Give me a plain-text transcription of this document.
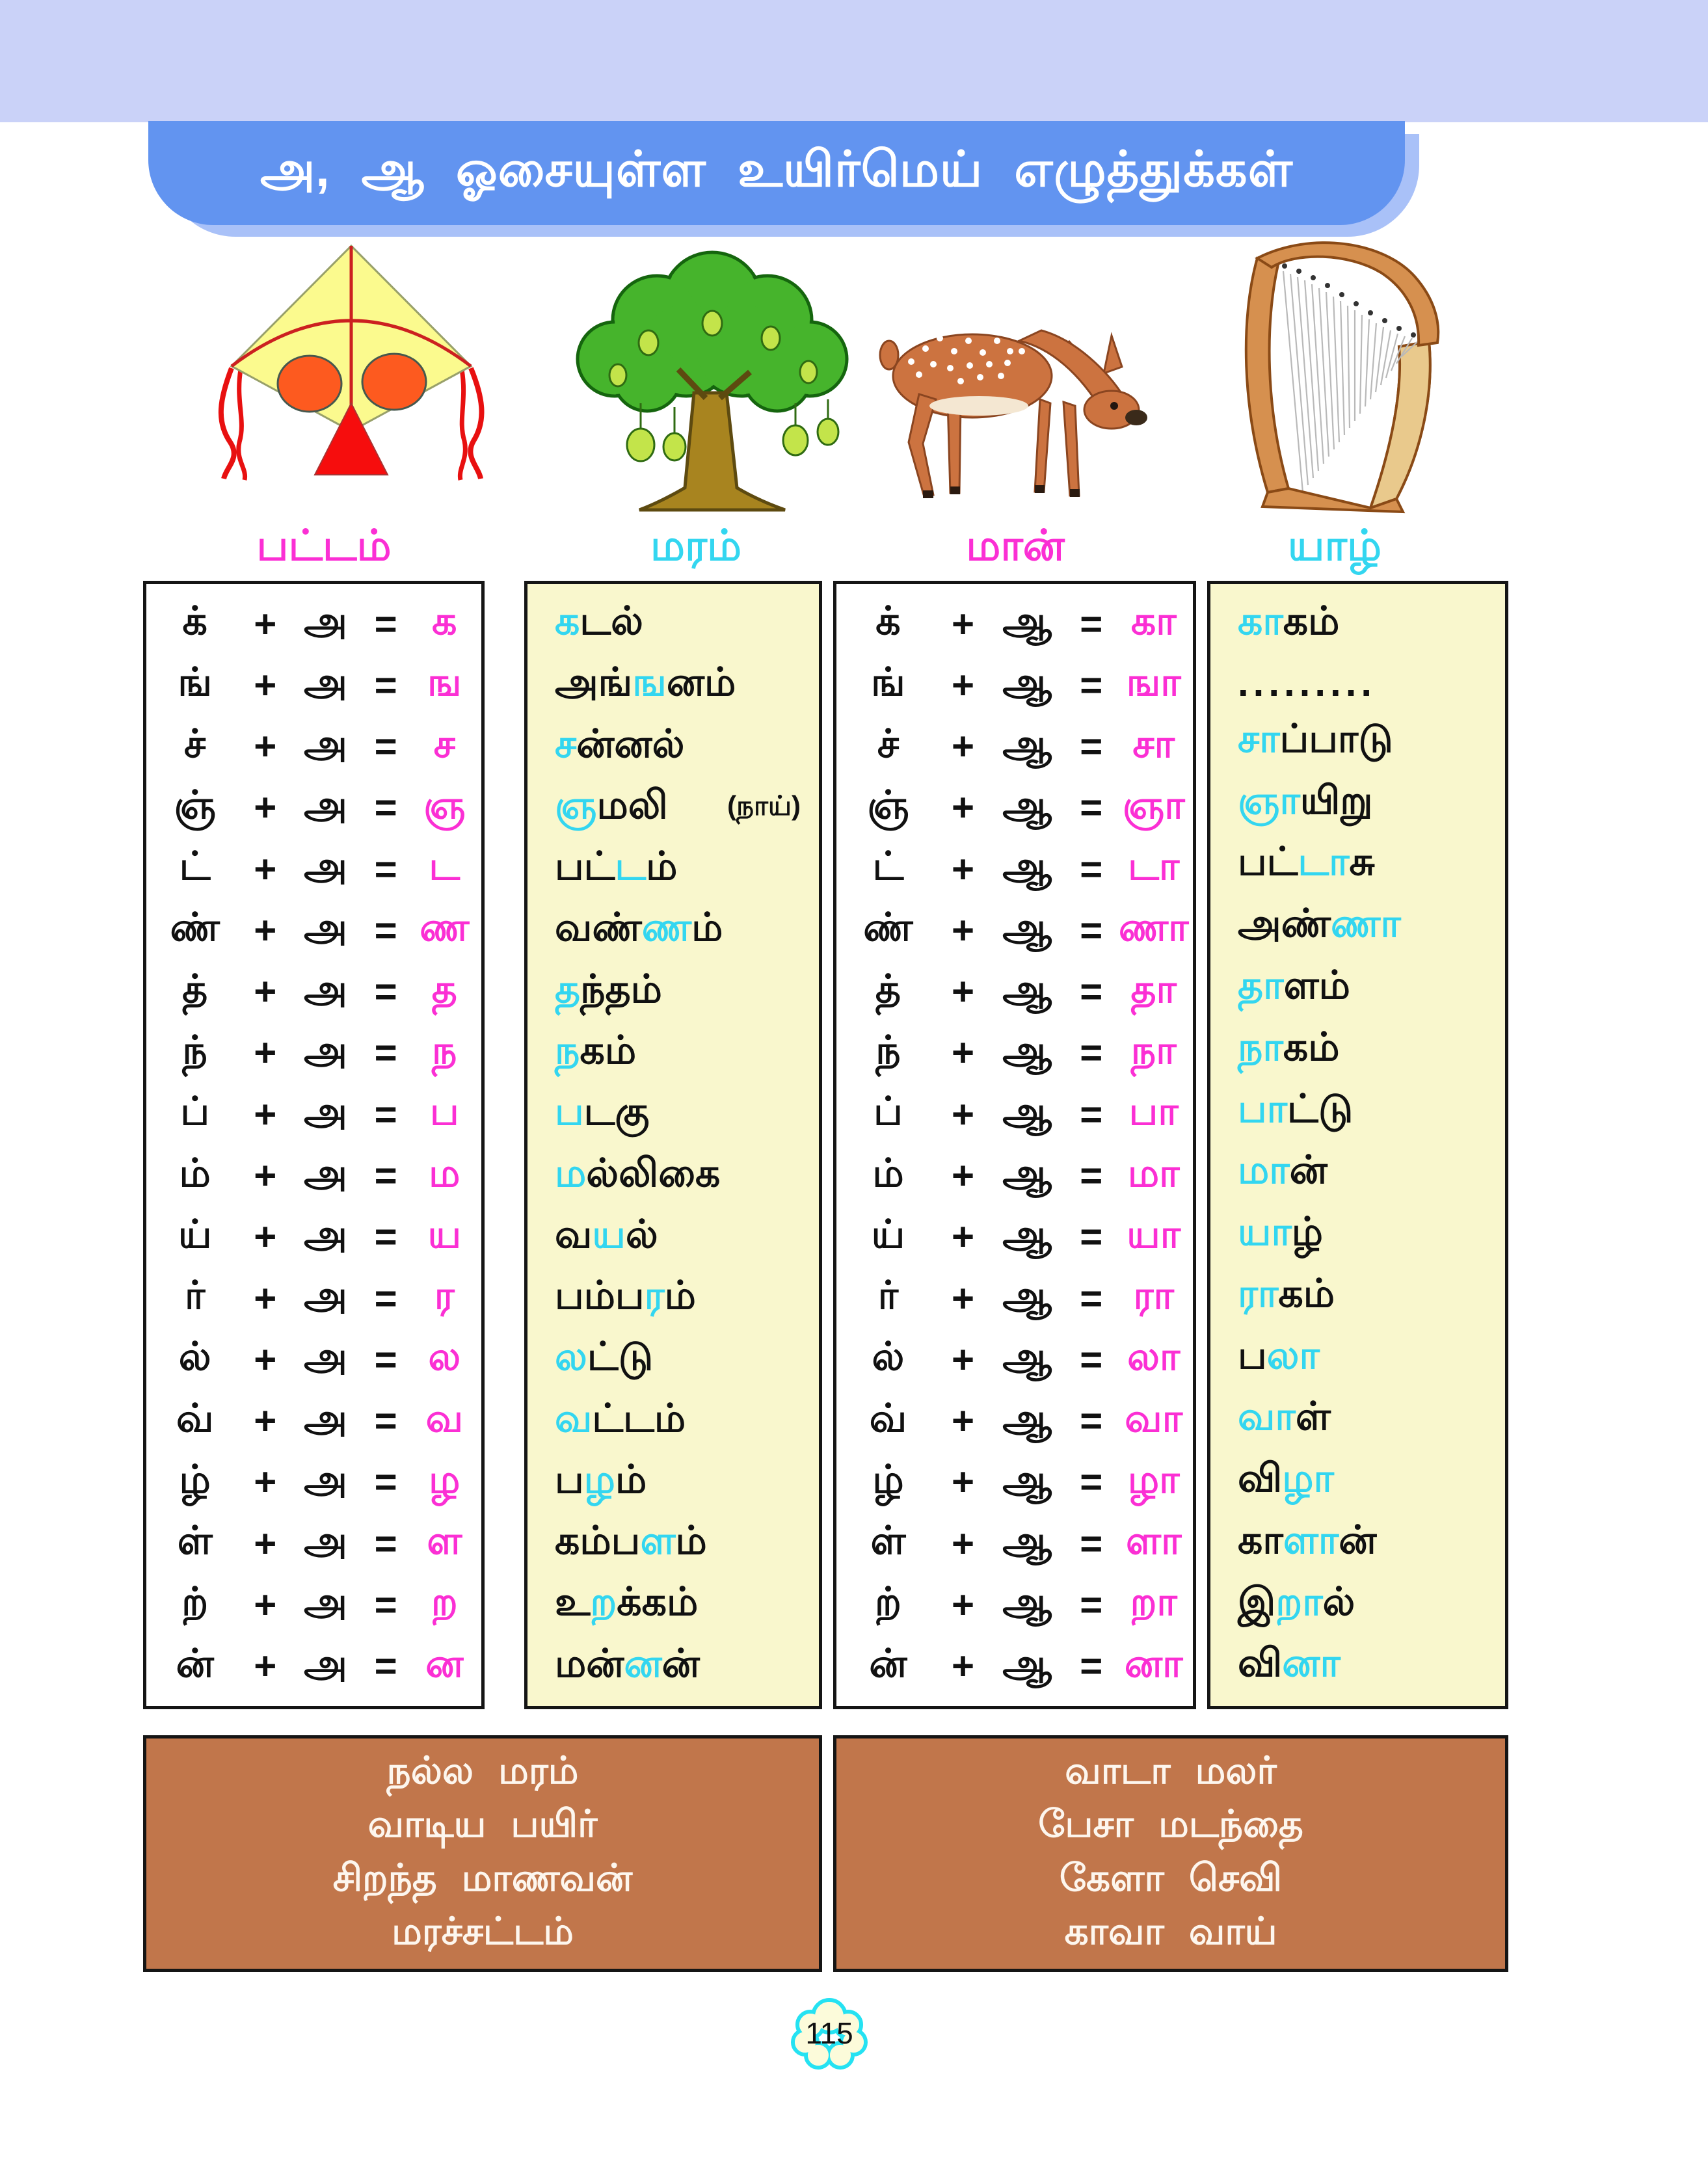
அ, ஆ ஓசையுள்ள உயிர்மெய் எழுத்துக்கள்
பட்டம்	மரம்	மான்	யாழ்
க்	+ அ = க
ங்	+ அ = ங
ச்	+ அ = ச
ஞ் + அ = ஞ
ட்	+ அ = ட
ண் + அ = ண
த்	+ அ = த
ந்	+ அ = ந
ப்	+ அ = ப
ம்	+ அ = ம
ய்	+ அ = ய
ர்	+ அ = ர
ல்	+ அ = ல
வ்	+ அ = வ
ழ்	+ அ = ழ
ள்	+ அ = ள
ற்	+ அ = ற
ன்	+ அ = ன
க டல்
அங் ங னம்
ச ன்னல்
ஞ மலி (நாய்)
பட் ட ம்
வண் ண ம்
த ந்தம்
ந கம்
ப டகு
ம ல்லிகை
வ ய ல்
பம்ப ர ம்
ல ட்டு
வ ட்டம்
ப ழ ம்
கம்ப ள ம்
உ ற க்கம்
மன் ன ன்
க்	+ ஆ = கா
ங்	+ ஆ = ஙா
ச்	+ ஆ = சா
ஞ்	+ ஆ = ஞா
ட்	+ ஆ = டா
ண் + ஆ = ணா
த்	+ ஆ = தா
ந்	+ ஆ = நா
ப்	+ ஆ = பா
ம்	+ ஆ = மா
ய்	+ ஆ = யா
ர்	+ ஆ = ரா
ல்	+ ஆ = லா
வ்	+ ஆ = வா
ழ்	+ ஆ = ழா
ள்	+ ஆ = ளா
ற்	+ ஆ = றா
ன்	+ ஆ = னா
கா கம்
.........
சா ப்பாடு
ஞா யிறு
பட் டா சு
அண் ணா
தா ளம்
நா கம்
பா ட்டு
மா ன்
யா ழ்
ரா கம்
ப லா
வா ள்
வி ழா
கா ளா ன்
இ றா ல்
வி னா
நல்ல மரம்
வாடிய பயிர்
சிறந்த மாணவன்
மரச்சட்டம்
வாடா மலர்
பேசா மடந்தை
கேளா செவி
காவா வாய்
115
